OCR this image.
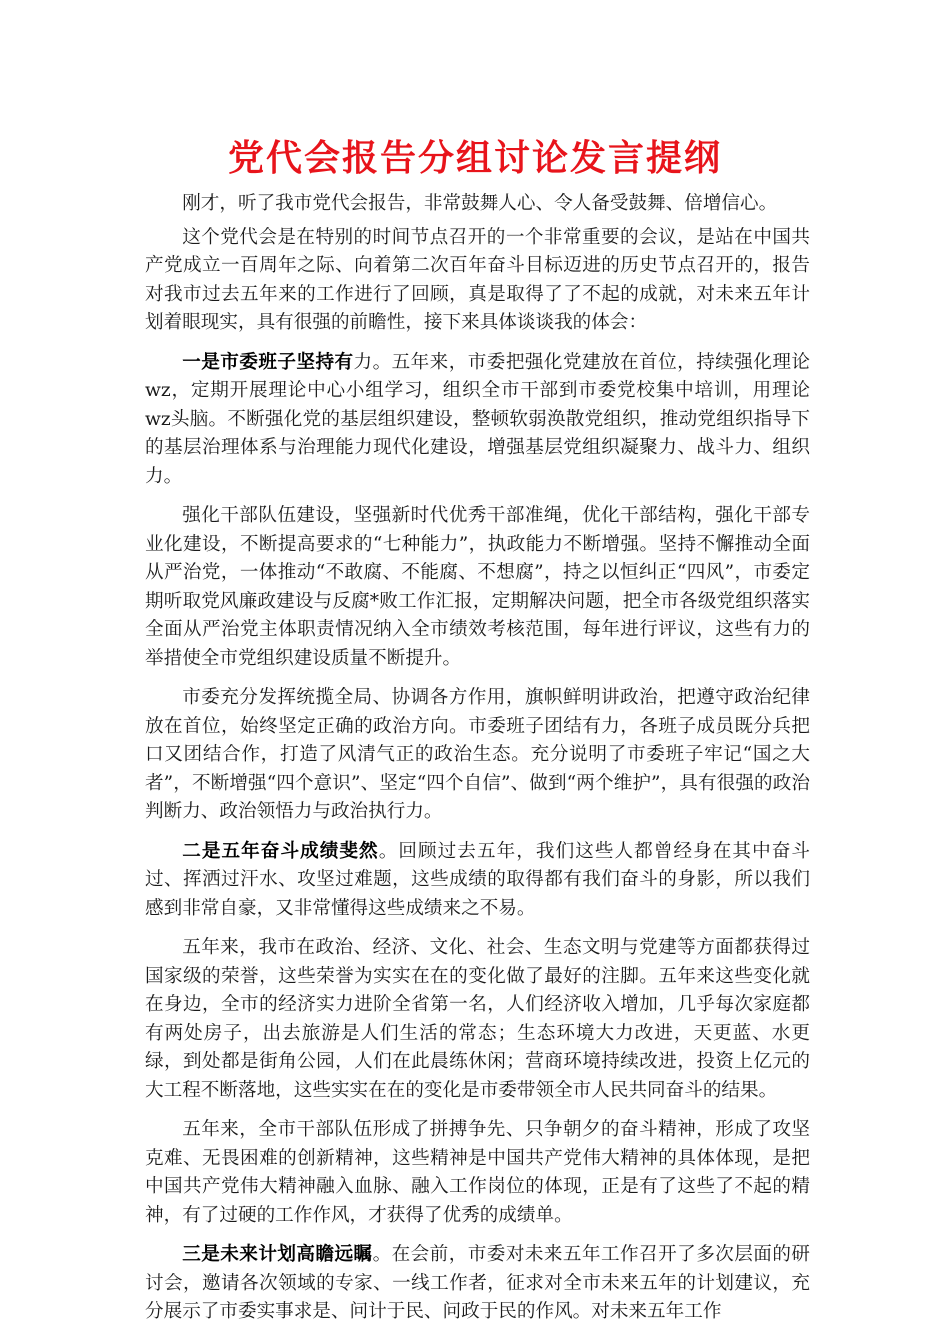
党代会报告分组讨论发言提纲

刚才，听了我市党代会报告，非常鼓舞人心、令人备受鼓舞、倍增信心。

这个党代会是在特别的时间节点召开的一个非常重要的会议，是站在中国共产党成立一百周年之际、向着第二次百年奋斗目标迈进的历史节点召开的，报告对我市过去五年来的工作进行了回顾，真是取得了了不起的成就，对未来五年计划着眼现实，具有很强的前瞻性，接下来具体谈谈我的体会：

一是市委班子坚持有力。五年来，市委把强化党建放在首位，持续强化理论wz，定期开展理论中心小组学习，组织全市干部到市委党校集中培训，用理论wz头脑。不断强化党的基层组织建设，整顿软弱涣散党组织，推动党组织指导下的基层治理体系与治理能力现代化建设，增强基层党组织凝聚力、战斗力、组织力。

强化干部队伍建设，坚强新时代优秀干部准绳，优化干部结构，强化干部专业化建设，不断提高要求的“七种能力”，执政能力不断增强。坚持不懈推动全面从严治党，一体推动“不敢腐、不能腐、不想腐”，持之以恒纠正“四风”，市委定期听取党风廉政建设与反腐*败工作汇报，定期解决问题，把全市各级党组织落实全面从严治党主体职责情况纳入全市绩效考核范围，每年进行评议，这些有力的举措使全市党组织建设质量不断提升。

市委充分发挥统揽全局、协调各方作用，旗帜鲜明讲政治，把遵守政治纪律放在首位，始终坚定正确的政治方向。市委班子团结有力，各班子成员既分兵把口又团结合作，打造了风清气正的政治生态。充分说明了市委班子牢记“国之大者”，不断增强“四个意识”、坚定“四个自信”、做到“两个维护”，具有很强的政治判断力、政治领悟力与政治执行力。

二是五年奋斗成绩斐然。回顾过去五年，我们这些人都曾经身在其中奋斗过、挥洒过汗水、攻坚过难题，这些成绩的取得都有我们奋斗的身影，所以我们感到非常自豪，又非常懂得这些成绩来之不易。

五年来，我市在政治、经济、文化、社会、生态文明与党建等方面都获得过国家级的荣誉，这些荣誉为实实在在的变化做了最好的注脚。五年来这些变化就在身边，全市的经济实力进阶全省第一名，人们经济收入增加，几乎每次家庭都有两处房子，出去旅游是人们生活的常态；生态环境大力改进，天更蓝、水更绿，到处都是街角公园，人们在此晨练休闲；营商环境持续改进，投资上亿元的大工程不断落地，这些实实在在的变化是市委带领全市人民共同奋斗的结果。

五年来，全市干部队伍形成了拼搏争先、只争朝夕的奋斗精神，形成了攻坚克难、无畏困难的创新精神，这些精神是中国共产党伟大精神的具体体现，是把中国共产党伟大精神融入血脉、融入工作岗位的体现，正是有了这些了不起的精神，有了过硬的工作作风，才获得了优秀的成绩单。

三是未来计划高瞻远瞩。在会前，市委对未来五年工作召开了多次层面的研讨会，邀请各次领域的专家、一线工作者，征求对全市未来五年的计划建议，充分展示了市委实事求是、问计于民、问政于民的作风。对未来五年工作
